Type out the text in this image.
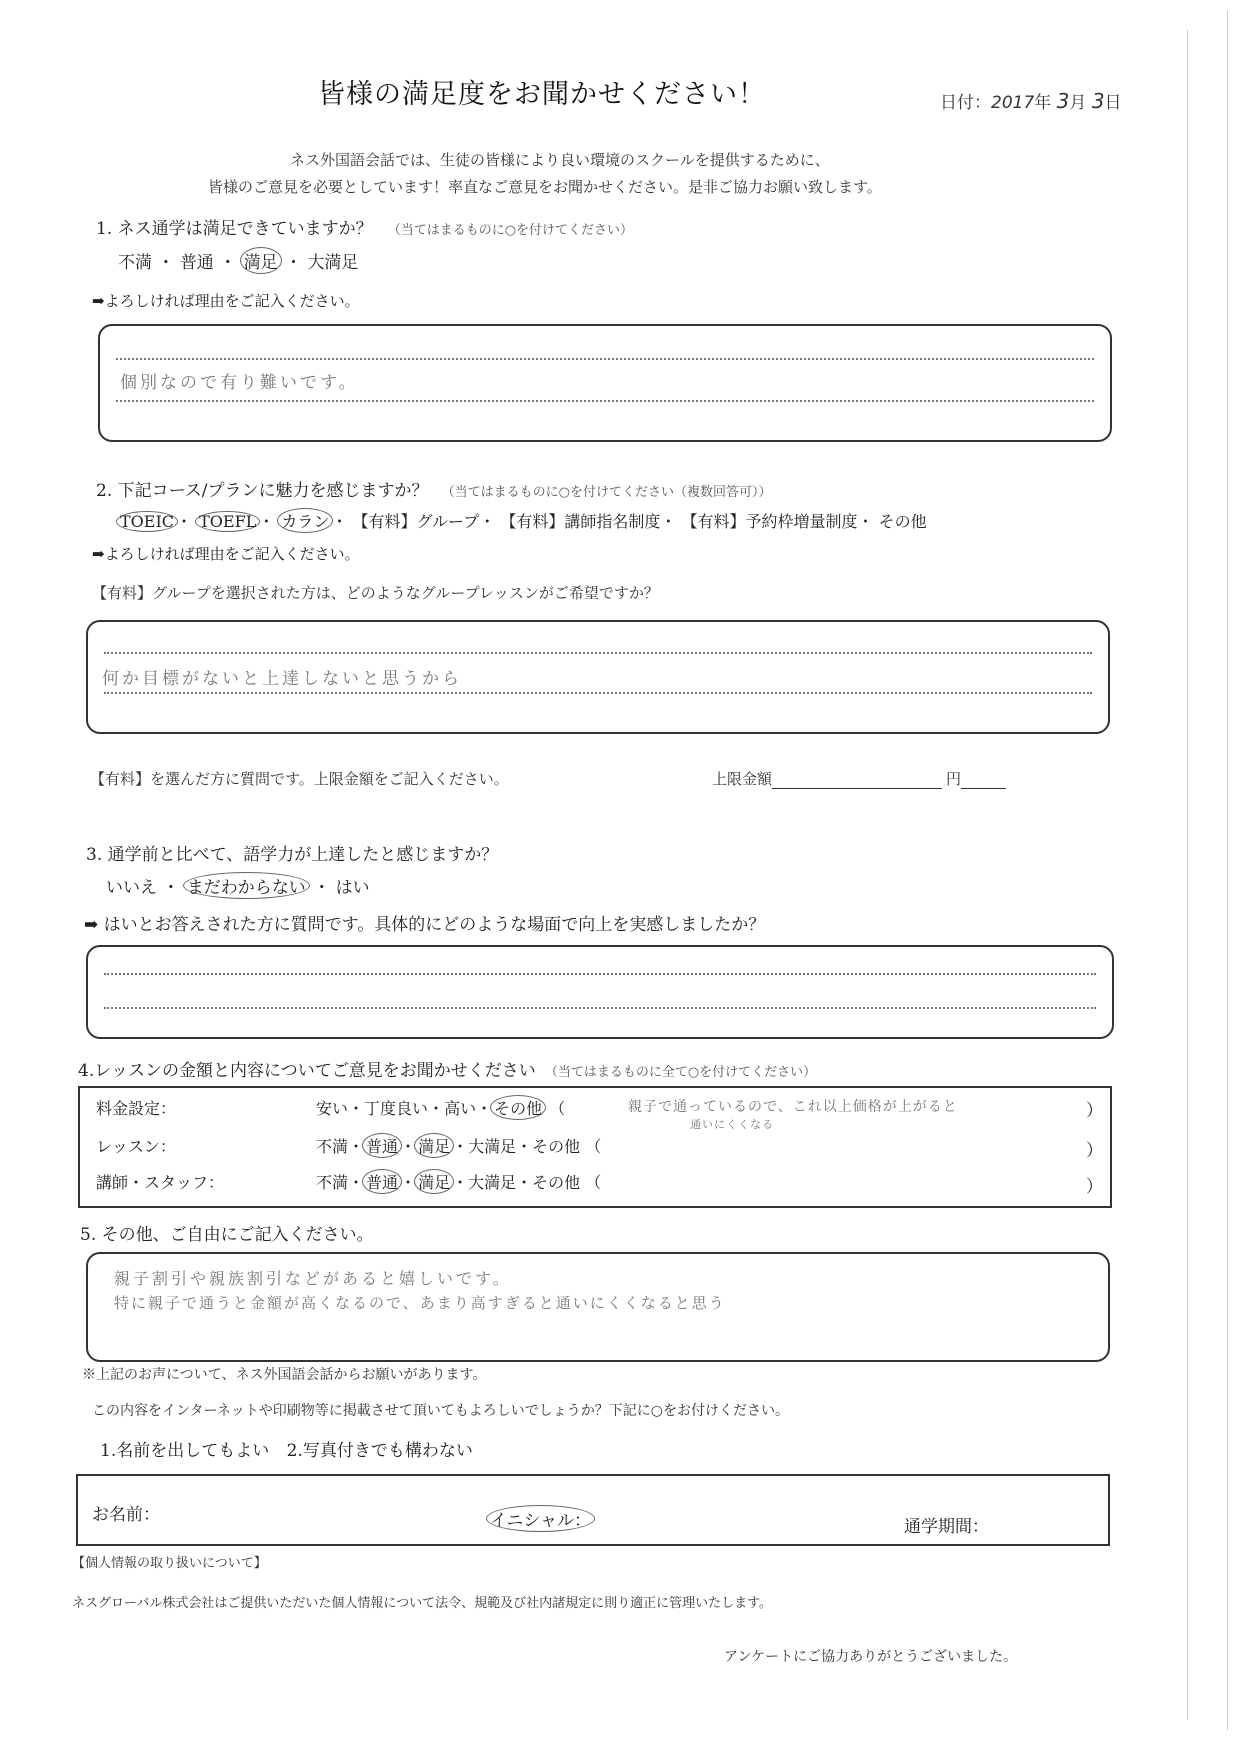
皆様の満足度をお聞かせください！	日付：2017年 3月 3日
ネス外国語会話では、生徒の皆様により良い環境のスクールを提供するために、
皆様のご意見を必要としています！率直なご意見をお聞かせください。是非ご協力お願い致します。
1. ネス通学は満足できていますか？ （当てはまるものに○を付けてください）
不満 ・ 普通 ・ 満足 ・ 大満足
➡よろしければ理由をご記入ください。
個別なので有り難いです。
2. 下記コース/プランに魅力を感じますか？ （当てはまるものに○を付けてください（複数回答可））
TOEIC ・ TOEFL ・ カラン ・ 【有料】グループ・ 【有料】講師指名制度・ 【有料】予約枠増量制度・ その他
➡よろしければ理由をご記入ください。
【有料】グループを選択された方は、どのようなグループレッスンがご希望ですか？
何か目標がないと上達しないと思うから
【有料】を選んだ方に質問です。上限金額をご記入ください。	上限金額	円
3. 通学前と比べて、語学力が上達したと感じますか？
いいえ ・ まだわからない ・ はい
➡ はいとお答えされた方に質問です。具体的にどのような場面で向上を実感しましたか？
4.レッスンの金額と内容についてご意見をお聞かせください （当てはまるものに全て○を付けてください）
料金設定：	安い・丁度良い・高い・ その他 （	親子で通っているので、これ以上価格が上がると
通いにくくなる
）
レッスン：	不満・ 普通 ・ 満足 ・大満足・その他 （	）
講師・スタッフ：	不満・ 普通 ・ 満足 ・大満足・その他 （	）
5. その他、ご自由にご記入ください。
親子割引や親族割引などがあると嬉しいです。
特に親子で通うと金額が高くなるので、あまり高すぎると通いにくくなると思う
※上記のお声について、ネス外国語会話からお願いがあります。
この内容をインターネットや印刷物等に掲載させて頂いてもよろしいでしょうか？下記に○をお付けください。
1.名前を出してもよい 2.写真付きでも構わない
お名前：	イニシャル：	通学期間：
【個人情報の取り扱いについて】
ネスグローバル株式会社はご提供いただいた個人情報について法令、規範及び社内諸規定に則り適正に管理いたします。
アンケートにご協力ありがとうございました。
